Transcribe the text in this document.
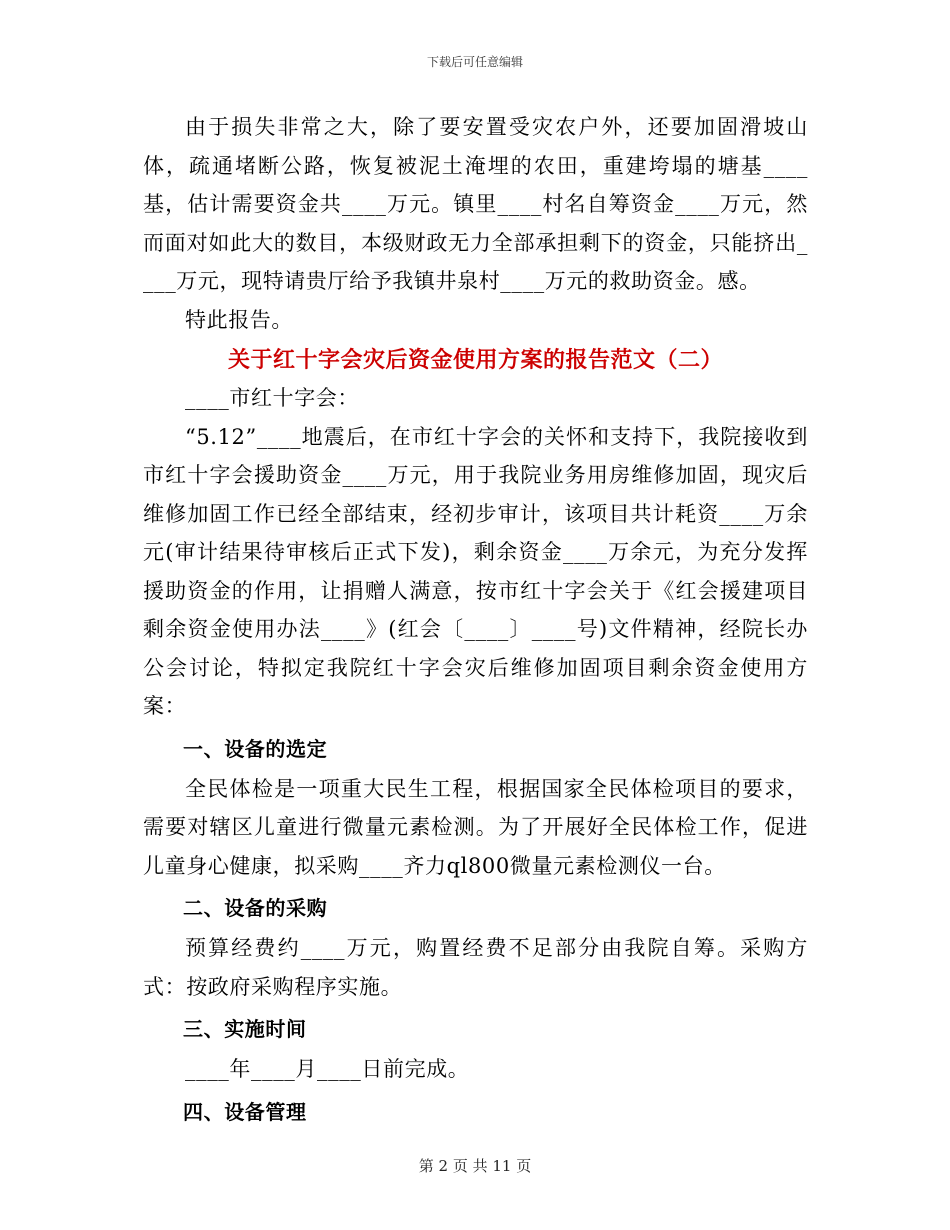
下载后可任意编辑

由于损失非常之大，除了要安置受灾农户外，还要加固滑坡山体，疏通堵断公路，恢复被泥土淹埋的农田，重建垮塌的塘基____基，估计需要资金共____万元。镇里____村名自筹资金____万元，然而面对如此大的数目，本级财政无力全部承担剩下的资金，只能挤出____万元，现特请贵厅给予我镇井泉村____万元的救助资金。感。

特此报告。

关于红十字会灾后资金使用方案的报告范文（二）

____市红十字会：

“5.12”____地震后，在市红十字会的关怀和支持下，我院接收到市红十字会援助资金____万元，用于我院业务用房维修加固，现灾后维修加固工作已经全部结束，经初步审计，该项目共计耗资____万余元(审计结果待审核后正式下发)，剩余资金____万余元，为充分发挥援助资金的作用，让捐赠人满意，按市红十字会关于《红会援建项目剩余资金使用办法____》(红会〔____〕____号)文件精神，经院长办公会讨论，特拟定我院红十字会灾后维修加固项目剩余资金使用方案：

一、设备的选定

全民体检是一项重大民生工程，根据国家全民体检项目的要求，需要对辖区儿童进行微量元素检测。为了开展好全民体检工作，促进儿童身心健康，拟采购____齐力ql800微量元素检测仪一台。

二、设备的采购

预算经费约____万元，购置经费不足部分由我院自筹。采购方式：按政府采购程序实施。

三、实施时间

____年____月____日前完成。

四、设备管理
第 2 页 共 11 页
